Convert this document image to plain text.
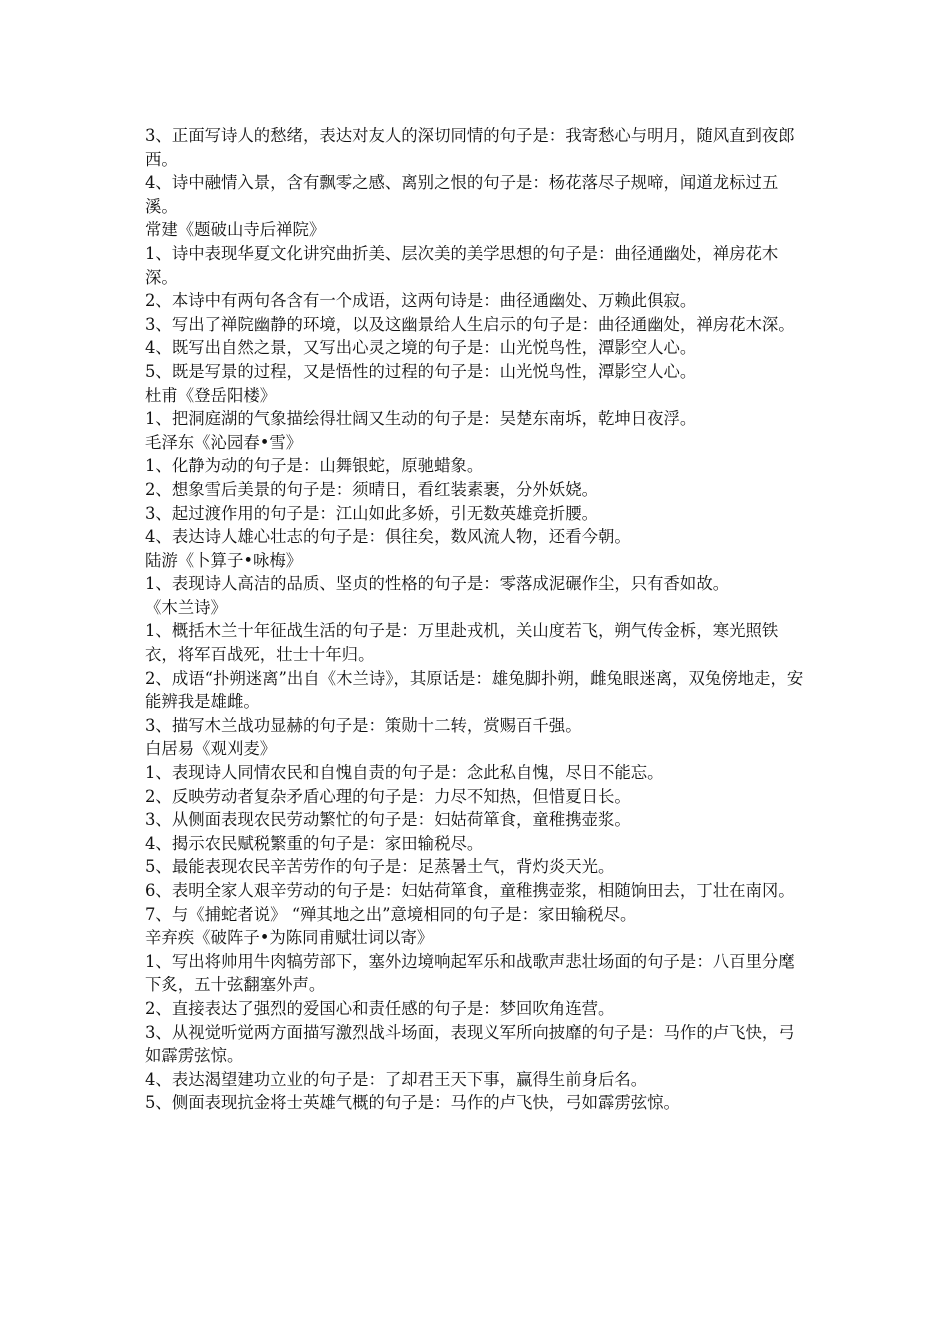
3、正面写诗人的愁绪，表达对友人的深切同情的句子是：我寄愁心与明月，随风直到夜郎西。

4、诗中融情入景，含有飘零之感、离别之恨的句子是：杨花落尽子规啼，闻道龙标过五溪。

常建《题破山寺后禅院》

1、诗中表现华夏文化讲究曲折美、层次美的美学思想的句子是：曲径通幽处，禅房花木深。

2、本诗中有两句各含有一个成语，这两句诗是：曲径通幽处、万赖此俱寂。

3、写出了禅院幽静的环境，以及这幽景给人生启示的句子是：曲径通幽处，禅房花木深。

4、既写出自然之景，又写出心灵之境的句子是：山光悦鸟性，潭影空人心。

5、既是写景的过程，又是悟性的过程的句子是：山光悦鸟性，潭影空人心。

杜甫《登岳阳楼》

1、把洞庭湖的气象描绘得壮阔又生动的句子是：吴楚东南坼，乾坤日夜浮。

毛泽东《沁园春•雪》

1、化静为动的句子是：山舞银蛇，原驰蜡象。

2、想象雪后美景的句子是：须晴日，看红装素裹，分外妖娆。

3、起过渡作用的句子是：江山如此多娇，引无数英雄竞折腰。

4、表达诗人雄心壮志的句子是：俱往矣，数风流人物，还看今朝。

陆游《卜算子•咏梅》

1、表现诗人高洁的品质、坚贞的性格的句子是：零落成泥碾作尘，只有香如故。

《木兰诗》

1、概括木兰十年征战生活的句子是：万里赴戎机，关山度若飞，朔气传金柝，寒光照铁衣，将军百战死，壮士十年归。

2、成语“扑朔迷离”出自《木兰诗》，其原话是：雄兔脚扑朔，雌兔眼迷离，双兔傍地走，安能辨我是雄雌。

3、描写木兰战功显赫的句子是：策勋十二转，赏赐百千强。

白居易《观刈麦》

1、表现诗人同情农民和自愧自责的句子是：念此私自愧，尽日不能忘。

2、反映劳动者复杂矛盾心理的句子是：力尽不知热，但惜夏日长。

3、从侧面表现农民劳动繁忙的句子是：妇姑荷箪食，童稚携壶浆。

4、揭示农民赋税繁重的句子是：家田输税尽。

5、最能表现农民辛苦劳作的句子是：足蒸暑土气，背灼炎天光。

6、表明全家人艰辛劳动的句子是：妇姑荷箪食，童稚携壶浆，相随饷田去，丁壮在南冈。

7、与《捕蛇者说》 “殚其地之出”意境相同的句子是：家田输税尽。

辛弃疾《破阵子•为陈同甫赋壮词以寄》

1、写出将帅用牛肉犒劳部下，塞外边境响起军乐和战歌声悲壮场面的句子是：八百里分麾下炙，五十弦翻塞外声。

2、直接表达了强烈的爱国心和责任感的句子是：梦回吹角连营。

3、从视觉听觉两方面描写激烈战斗场面，表现义军所向披靡的句子是：马作的卢飞快，弓如霹雳弦惊。

4、表达渴望建功立业的句子是：了却君王天下事，赢得生前身后名。

5、侧面表现抗金将士英雄气概的句子是：马作的卢飞快，弓如霹雳弦惊。
